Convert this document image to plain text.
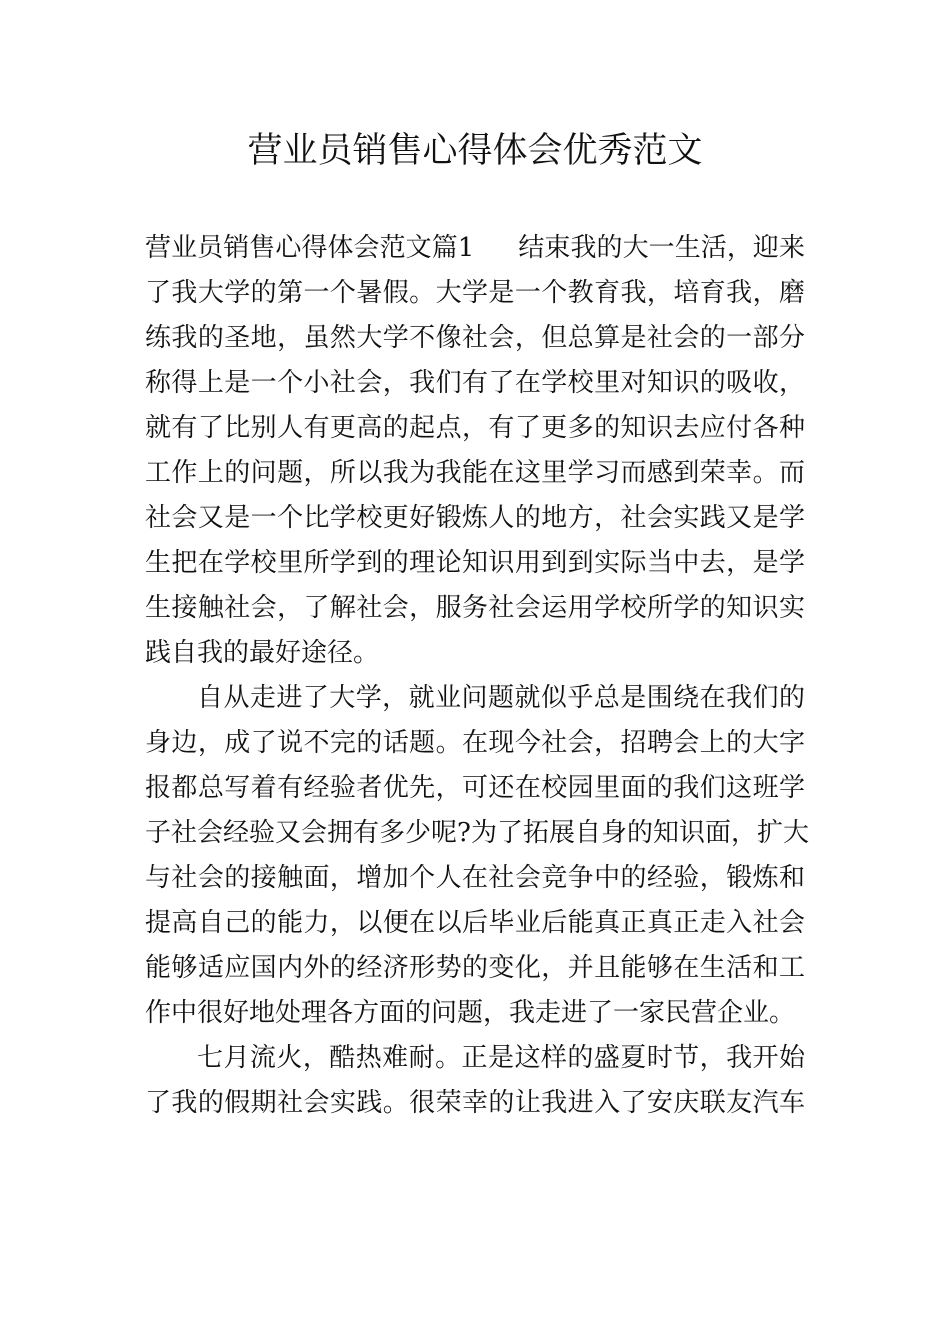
营业员销售心得体会优秀范文
营业员销售心得体会范文篇1 结束我的大一生活，迎来
了我大学的第一个暑假。大学是一个教育我，培育我，磨
练我的圣地，虽然大学不像社会，但总算是社会的一部分
称得上是一个小社会，我们有了在学校里对知识的吸收，
就有了比别人有更高的起点，有了更多的知识去应付各种
工作上的问题，所以我为我能在这里学习而感到荣幸。而
社会又是一个比学校更好锻炼人的地方，社会实践又是学
生把在学校里所学到的理论知识用到到实际当中去，是学
生接触社会，了解社会，服务社会运用学校所学的知识实
践自我的最好途径。
自从走进了大学，就业问题就似乎总是围绕在我们的
身边，成了说不完的话题。在现今社会，招聘会上的大字
报都总写着有经验者优先，可还在校园里面的我们这班学
子社会经验又会拥有多少呢?为了拓展自身的知识面，扩大
与社会的接触面，增加个人在社会竞争中的经验，锻炼和
提高自己的能力，以便在以后毕业后能真正真正走入社会
能够适应国内外的经济形势的变化，并且能够在生活和工
作中很好地处理各方面的问题，我走进了一家民营企业。
七月流火，酷热难耐。正是这样的盛夏时节，我开始
了我的假期社会实践。很荣幸的让我进入了安庆联友汽车
